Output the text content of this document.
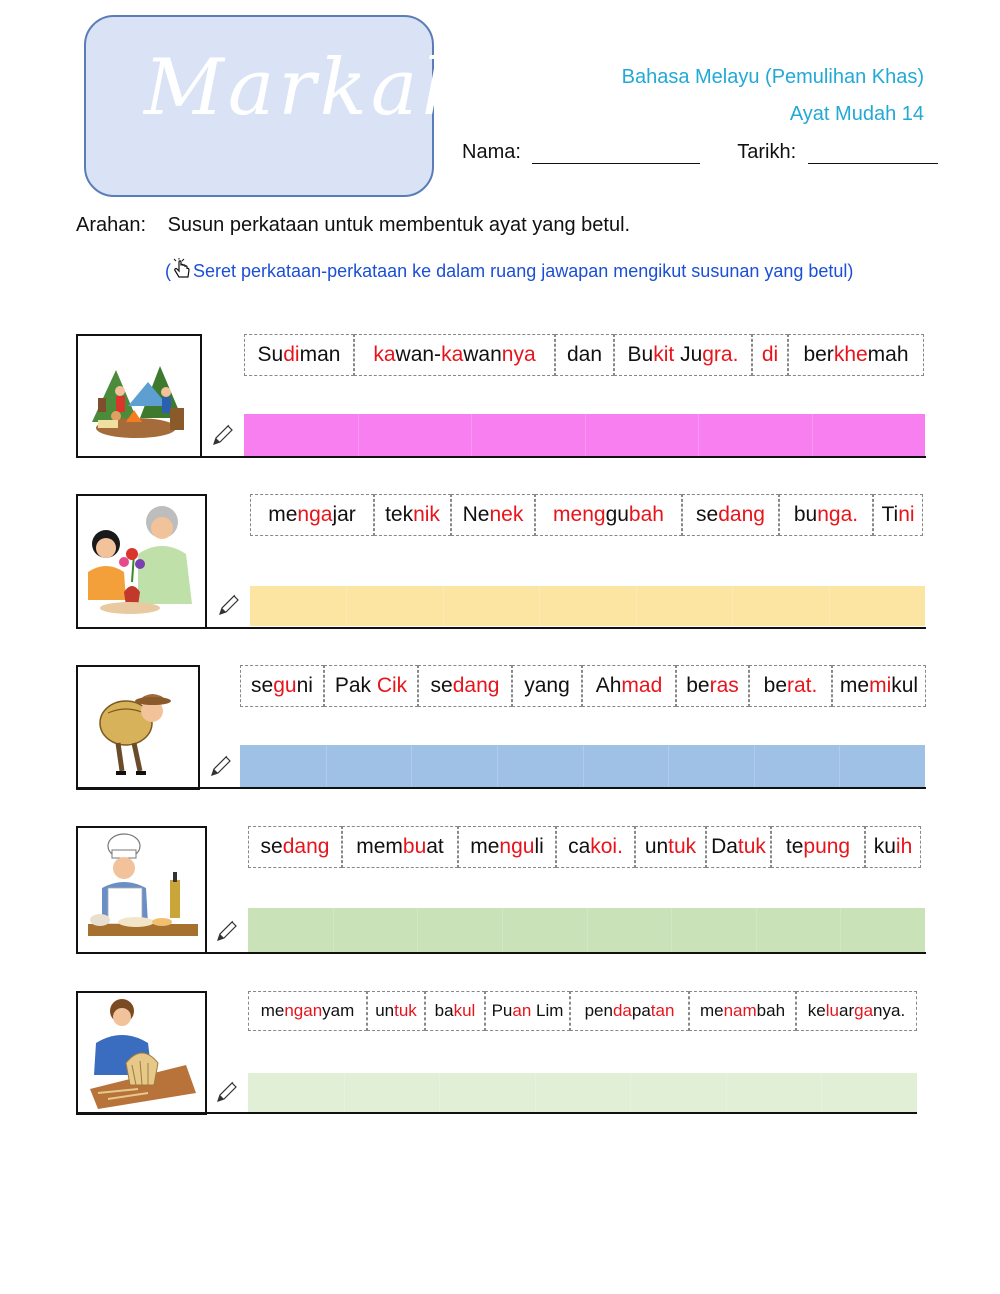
Markah	Bahasa Melayu (Pemulihan Khas)
Ayat Mudah 14
Nama:	Tarikh:
Arahan: Susun perkataan untuk membentuk ayat yang betul.
( Seret perkataan-perkataan ke dalam ruang jawapan mengikut susunan yang betul)
Su di man ka wan- ka wan nya dan Bu kit Ju gra. di ber khe mah
me nga jar tek nik Ne nek meng gu bah se dang bu nga. Ti ni
se gu ni Pak Cik se dang yang Ah mad be ras be rat. me mi kul
se dang mem bu at me ngu li ca koi. un tuk Da tuk te pung ku ih
me ngan yam un tuk ba kul Pu an Lim pen da pa tan me nam bah ke lu ar ga nya.
